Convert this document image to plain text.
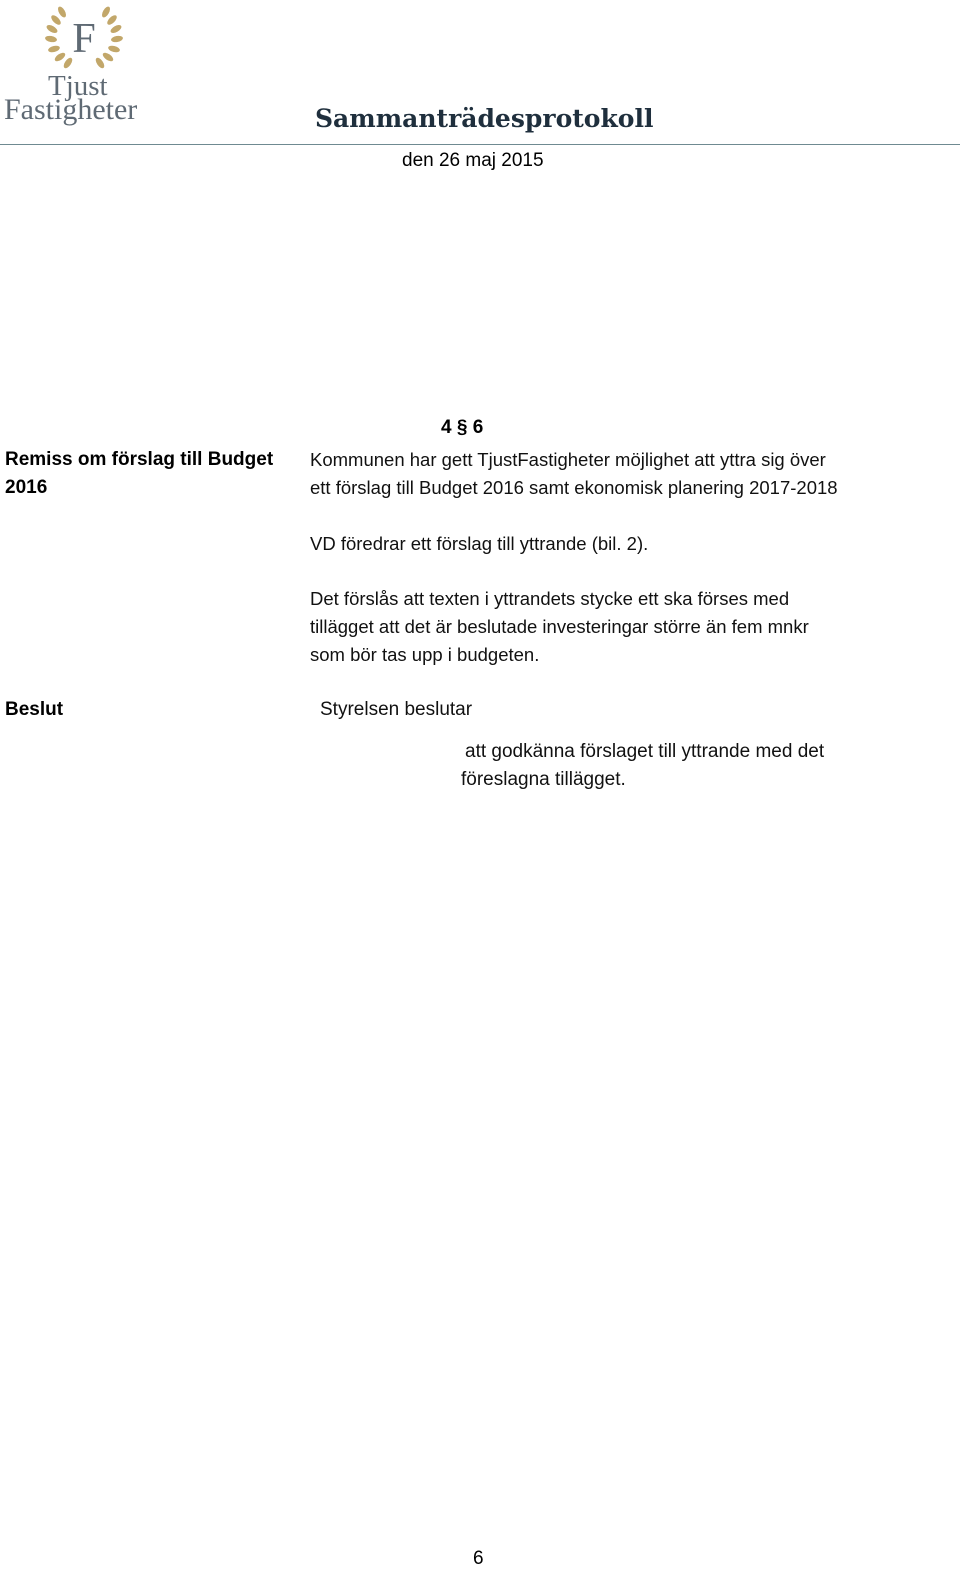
F
Tjust
Fastigheter	Sammanträdesprotokoll
den 26 maj 2015
4 § 6
Remiss om förslag till Budget
2016
Kommunen har gett TjustFastigheter möjlighet att yttra sig över
ett förslag till Budget 2016 samt ekonomisk planering 2017-2018
VD föredrar ett förslag till yttrande (bil. 2).
Det förslås att texten i yttrandets stycke ett ska förses med
tillägget att det är beslutade investeringar större än fem mnkr
som bör tas upp i budgeten.
Beslut	Styrelsen beslutar
att godkänna förslaget till yttrande med det
föreslagna tillägget.
6
